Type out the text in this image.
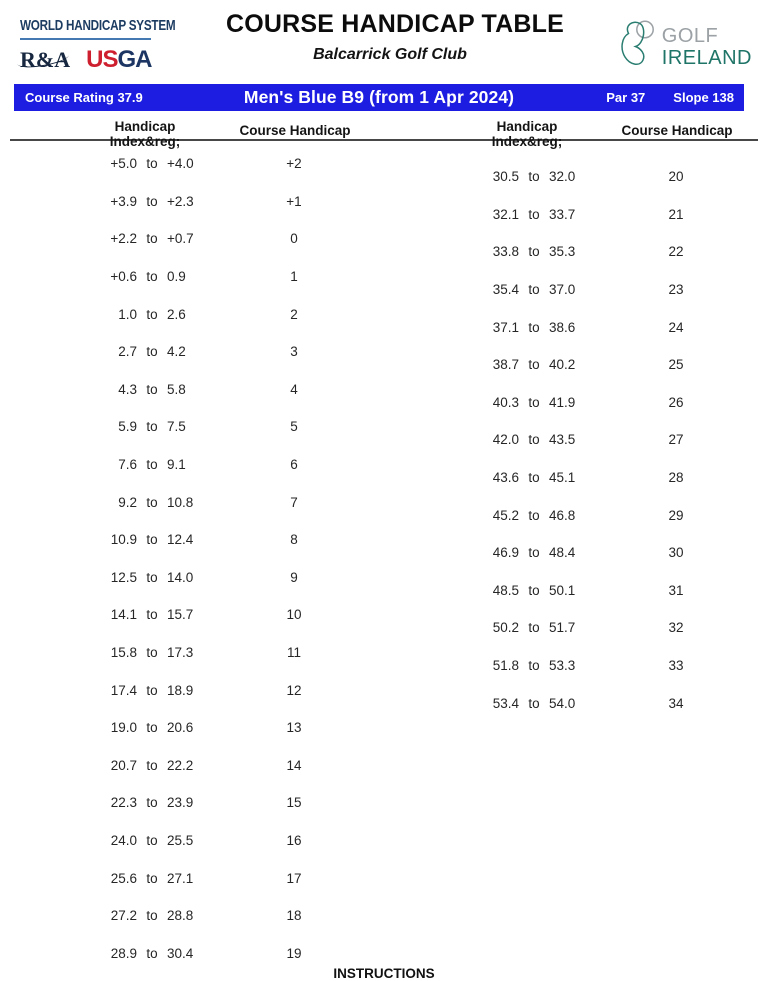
WORLD HANDICAP SYSTEM
R&A USGA
COURSE HANDICAP TABLE
Balcarrick Golf Club
GOLF
IRELAND
Course Rating 37.9	Men's Blue B9 (from 1 Apr 2024)	Par 37 Slope 138
Handicap
Index&reg;
Course Handicap	Handicap
Index&reg;
Course Handicap
+5.0 to +4.0	+2
+3.9 to +2.3	+1
+2.2 to +0.7	0
+0.6 to 0.9	1
1.0 to 2.6	2
2.7 to 4.2	3
4.3 to 5.8	4
5.9 to 7.5	5
7.6 to 9.1	6
9.2 to 10.8	7
10.9 to 12.4	8
12.5 to 14.0	9
14.1 to 15.7	10
15.8 to 17.3	11
17.4 to 18.9	12
19.0 to 20.6	13
20.7 to 22.2	14
22.3 to 23.9	15
24.0 to 25.5	16
25.6 to 27.1	17
27.2 to 28.8	18
28.9 to 30.4	19
30.5 to 32.0	20
32.1 to 33.7	21
33.8 to 35.3	22
35.4 to 37.0	23
37.1 to 38.6	24
38.7 to 40.2	25
40.3 to 41.9	26
42.0 to 43.5	27
43.6 to 45.1	28
45.2 to 46.8	29
46.9 to 48.4	30
48.5 to 50.1	31
50.2 to 51.7	32
51.8 to 53.3	33
53.4 to 54.0	34
INSTRUCTIONS
